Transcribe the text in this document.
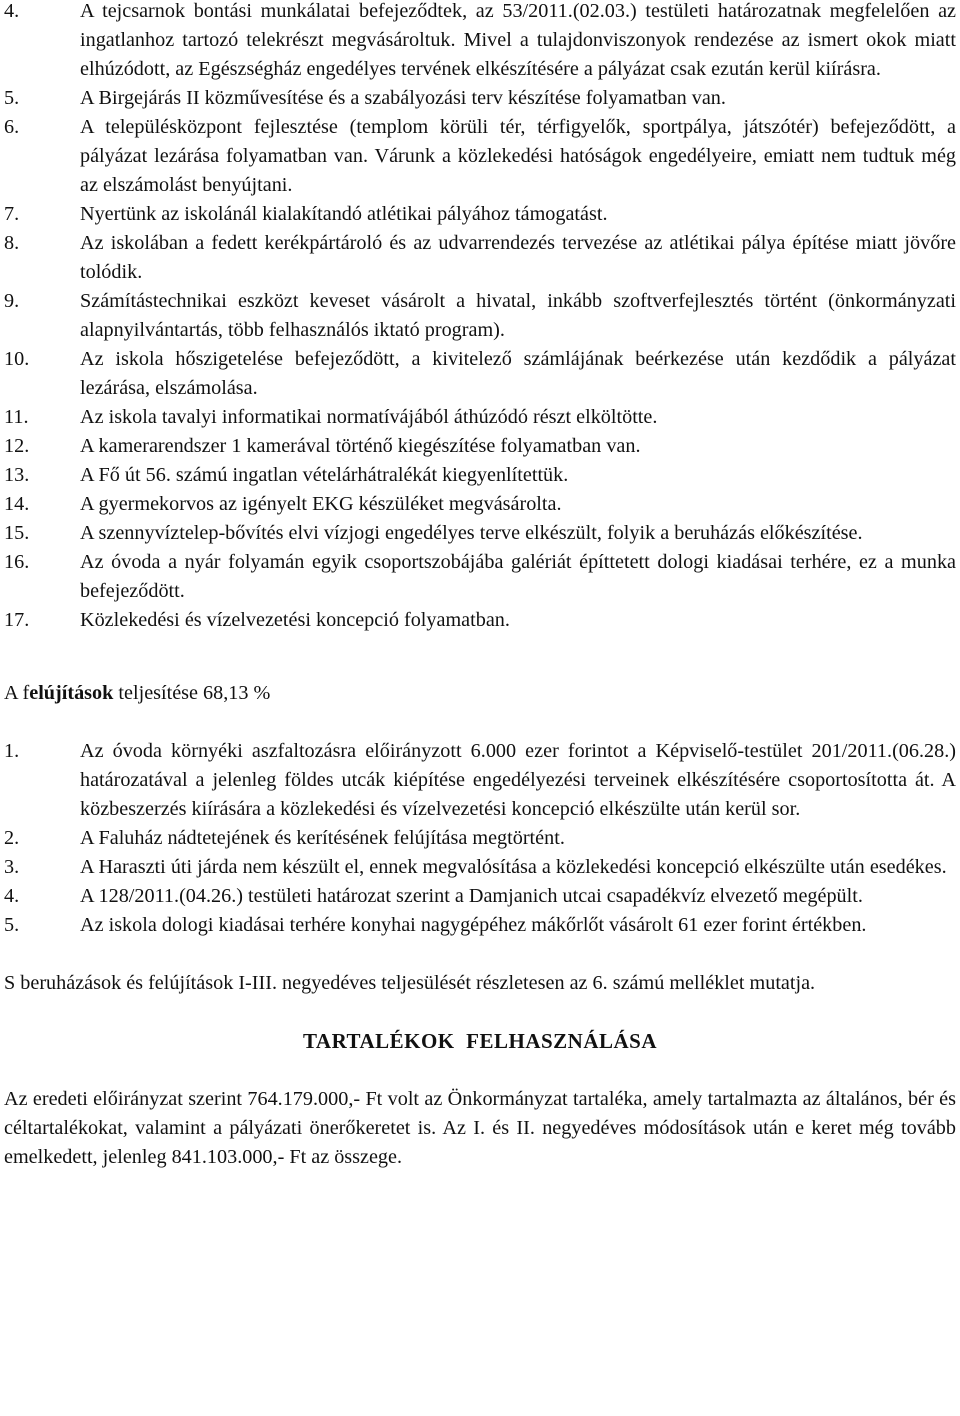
4.	A tejcsarnok bontási munkálatai befejeződtek, az 53/2011.(02.03.) testületi határozatnak megfelelően az ingatlanhoz tartozó telekrészt megvásároltuk. Mivel a tulajdonviszonyok rendezése az ismert okok miatt elhúzódott, az Egészségház engedélyes tervének elkészítésére a pályázat csak ezután kerül kiírásra.
5.	A Birgejárás II közművesítése és a szabályozási terv készítése folyamatban van.
6.	A településközpont fejlesztése (templom körüli tér, térfigyelők, sportpálya, játszótér) befejeződött, a pályázat lezárása folyamatban van. Várunk a közlekedési hatóságok engedélyeire, emiatt nem tudtuk még az elszámolást benyújtani.
7.	Nyertünk az iskolánál kialakítandó atlétikai pályához támogatást.
8.	Az iskolában a fedett kerékpártároló és az udvarrendezés tervezése az atlétikai pálya építése miatt jövőre tolódik.
9.	Számítástechnikai eszközt keveset vásárolt a hivatal, inkább szoftverfejlesztés történt (önkormányzati alapnyilvántartás, több felhasználós iktató program).
10.	Az iskola hőszigetelése befejeződött, a kivitelező számlájának beérkezése után kezdődik a pályázat lezárása, elszámolása.
11.	Az iskola tavalyi informatikai normatívájából áthúzódó részt elköltötte.
12.	A kamerarendszer 1 kamerával történő kiegészítése folyamatban van.
13.	A Fő út 56. számú ingatlan vételárhátralékát kiegyenlítettük.
14.	A gyermekorvos az igényelt EKG készüléket megvásárolta.
15.	A szennyvíztelep-bővítés elvi vízjogi engedélyes terve elkészült, folyik a beruházás előkészítése.
16.	Az óvoda a nyár folyamán egyik csoportszobájába galériát építtetett dologi kiadásai terhére, ez a munka befejeződött.
17.	Közlekedési és vízelvezetési koncepció folyamatban.

A felújítások teljesítése 68,13 %

1.	Az óvoda környéki aszfaltozásra előirányzott 6.000 ezer forintot a Képviselő-testület 201/2011.(06.28.) határozatával a jelenleg földes utcák kiépítése engedélyezési terveinek elkészítésére csoportosította át. A közbeszerzés kiírására a közlekedési és vízelvezetési koncepció elkészülte után kerül sor.
2.	A Faluház nádtetejének és kerítésének felújítása megtörtént.
3.	A Haraszti úti járda nem készült el, ennek megvalósítása a közlekedési koncepció elkészülte után esedékes.
4.	A 128/2011.(04.26.) testületi határozat szerint a Damjanich utcai csapadékvíz elvezető megépült.
5.	Az iskola dologi kiadásai terhére konyhai nagygépéhez mákőrlőt vásárolt 61 ezer forint értékben.

S beruházások és felújítások I-III. negyedéves teljesülését részletesen az 6. számú melléklet mutatja.

TARTALÉKOK  FELHASZNÁLÁSA

Az eredeti előirányzat szerint 764.179.000,- Ft volt az Önkormányzat tartaléka, amely tartalmazta az általános, bér és céltartalékokat, valamint a pályázati önerőkeretet is. Az I. és II. negyedéves módosítások után e keret még tovább emelkedett, jelenleg 841.103.000,- Ft az összege.
